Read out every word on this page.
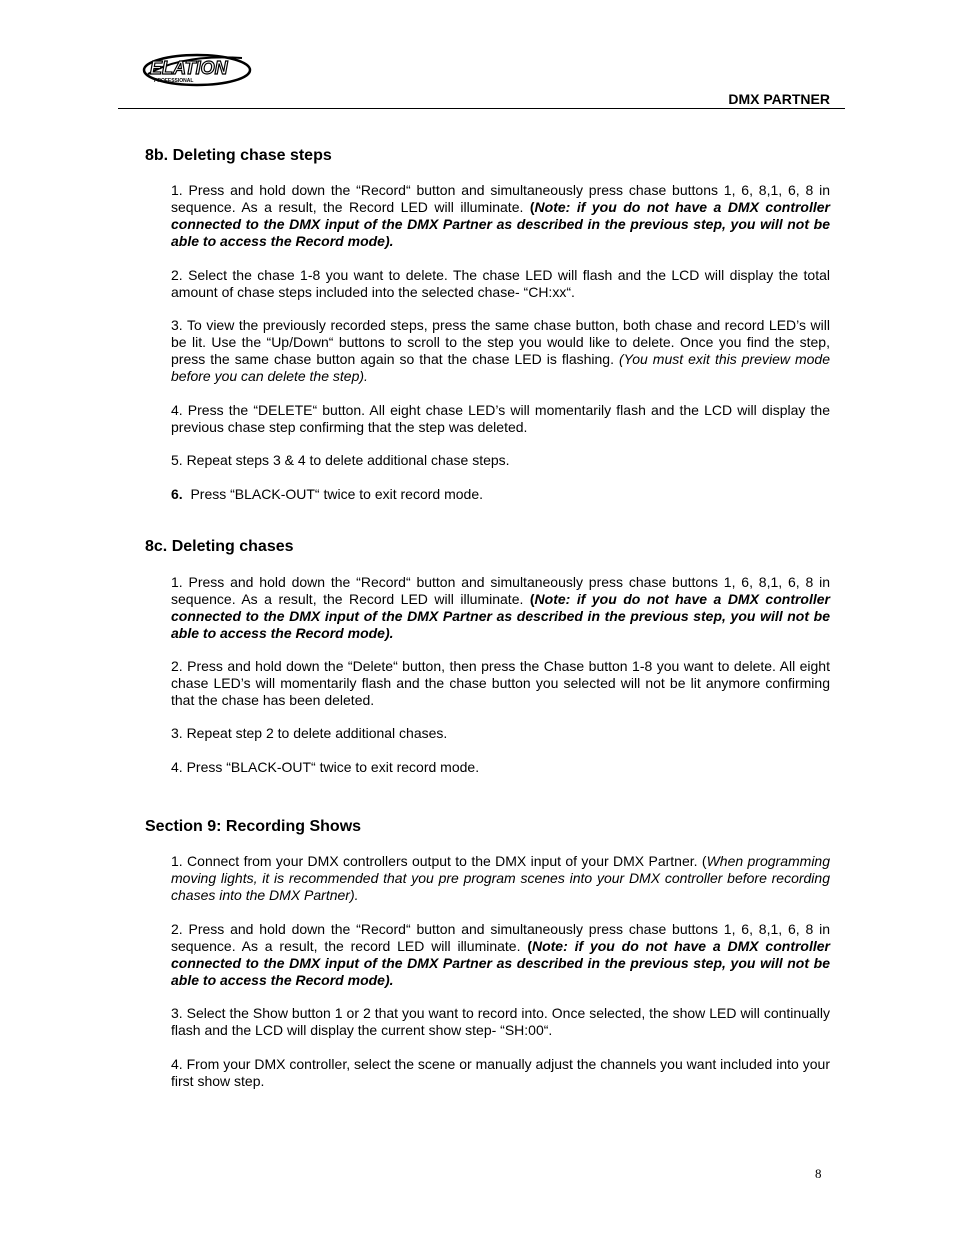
ELATION
PROFESSIONAL
DMX PARTNER
8b. Deleting chase steps

1. Press and hold down the “Record“ button and simultaneously press chase buttons 1, 6, 8,1, 6, 8 in sequence. As a result, the Record LED will illuminate. (Note: if you do not have a DMX controller connected to the DMX input of the DMX Partner as described in the previous step, you will not be able to access the Record mode).

2. Select the chase 1-8 you want to delete. The chase LED will flash and the LCD will display the total amount of chase steps included into the selected chase- “CH:xx“.

3. To view the previously recorded steps, press the same chase button, both chase and record LED’s will be lit. Use the “Up/Down“ buttons to scroll to the step you would like to delete. Once you find the step, press the same chase button again so that the chase LED is flashing. (You must exit this preview mode before you can delete the step).

4. Press the “DELETE“ button. All eight chase LED’s will momentarily flash and the LCD will display the previous chase step confirming that the step was deleted.

5. Repeat steps 3 & 4 to delete additional chase steps.

6.  Press “BLACK-OUT“ twice to exit record mode.

8c. Deleting chases

1. Press and hold down the “Record“ button and simultaneously press chase buttons 1, 6, 8,1, 6, 8 in sequence. As a result, the Record LED will illuminate. (Note: if you do not have a DMX controller connected to the DMX input of the DMX Partner as described in the previous step, you will not be able to access the Record mode).

2. Press and hold down the “Delete“ button, then press the Chase button 1-8 you want to delete. All eight chase LED’s will momentarily flash and the chase button you selected will not be lit anymore confirming that the chase has been deleted.

3. Repeat step 2 to delete additional chases.

4. Press “BLACK-OUT“ twice to exit record mode.

Section 9: Recording Shows

1. Connect from your DMX controllers output to the DMX input of your DMX Partner. (When programming moving lights, it is recommended that you pre program scenes into your DMX controller before recording chases into the DMX Partner).

2. Press and hold down the “Record“ button and simultaneously press chase buttons 1, 6, 8,1, 6, 8 in sequence. As a result, the record LED will illuminate. (Note: if you do not have a DMX controller connected to the DMX input of the DMX Partner as described in the previous step, you will not be able to access the Record mode).

3. Select the Show button 1 or 2 that you want to record into. Once selected, the show LED will continually flash and the LCD will display the current show step- “SH:00“.

4. From your DMX controller, select the scene or manually adjust the channels you want included into your first show step.

8
